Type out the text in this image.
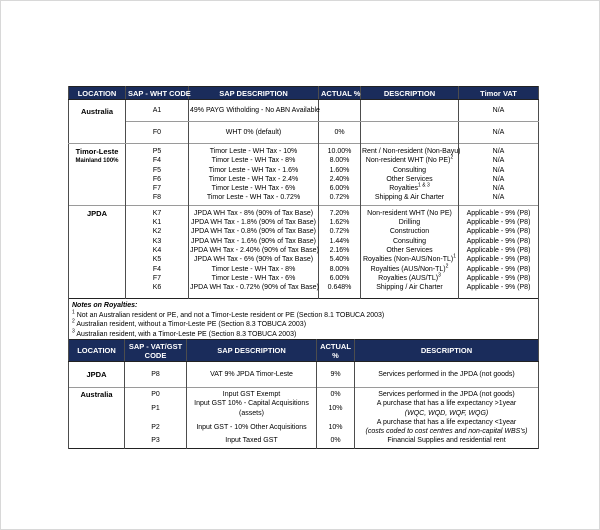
LOCATION	SAP - WHT CODE	SAP DESCRIPTION	ACTUAL %	DESCRIPTION	Timor VAT

Australia	A1	49% PAYG Witholding - No ABN Available			N/A
	F0	WHT 0% (default)	0%		N/A

Timor-Leste
Mainland 100%	P5	Timor Leste - WH Tax - 10%	10.00%	Rent / Non-resident (Non-Bayu)	N/A
	F4	Timor Leste - WH Tax - 8%	8.00%	Non-resident WHT (No PE)$^2$	N/A
	F5	Timor Leste - WH Tax - 1.6%	1.60%	Consulting	N/A
	F6	Timor Leste - WH Tax - 2.4%	2.40%	Other Services	N/A
	F7	Timor Leste - WH Tax - 6%	6.00%	Royalties$^{1 \& 3}$	N/A
	F8	Timor Leste - WH Tax - 0.72%	0.72%	Shipping & Air Charter	N/A

JPDA	K7	JPDA WH Tax - 8% (90% of Tax Base)	7.20%	Non-resident WHT (No PE)	Applicable - 9% (P8)
	K1	JPDA WH Tax - 1.8% (90% of Tax Base)	1.62%	Drilling	Applicable - 9% (P8)
	K2	JPDA WH Tax - 0.8% (90% of Tax Base)	0.72%	Construction	Applicable - 9% (P8)
	K3	JPDA WH Tax - 1.6% (90% of Tax Base)	1.44%	Consulting	Applicable - 9% (P8)
	K4	JPDA WH Tax - 2.40% (90% of Tax Base)	2.16%	Other Services	Applicable - 9% (P8)
	K5	JPDA WH Tax - 6% (90% of Tax Base)	5.40%	Royalties $(Non-AUS/Non-TL)^1$	Applicable - 9% (P8)
	F4	Timor Leste - WH Tax - 8%	8.00%	Royalties $(AUS/Non-TL)^2$	Applicable - 9% (P8)
	F7	Timor Leste - WH Tax - 6%	6.00%	Royalties $(AUS/TL)^3$	Applicable - 9% (P8)
	K6	JPDA WH Tax - 0.72% (90% of Tax Base)	0.648%	Shipping / Air Charter	Applicable - 9% (P8)

Notes on Royalties:
$^1$ Not an Australian resident or PE, and not a Timor-Leste resident or PE (Section 8.1 TOBUCA 2003)
$^2$ Australian resident, without a Timor-Leste PE (Section 8.3 TOBUCA 2003)
$^3$ Australian resident, with a Timor-Leste PE (Section 8.3 TOBUCA 2003)					
LOCATION	SAP - VAT/GST CODE	SAP DESCRIPTION	ACTUAL %	DESCRIPTION

JPDA	P8	VAT 9% JPDA Timor-Leste	9%	Services performed in the JPDA (not goods)

Australia	P0	Input GST Exempt	0%	Services performed in the JPDA (not goods)
	P1	Input GST 10% - Capital Acquisitions (assets)	10%	A purchase that has a life expectancy >1year
(WQC, WQD, WQF, WQG)
	P2	Input GST - 10% Other Acquisitions	10%	A purchase that has a life expectancy <1year
(costs coded to cost centres and non-capital WBS's)
	P3	Input Taxed GST	0%	Financial Supplies and residential rent
